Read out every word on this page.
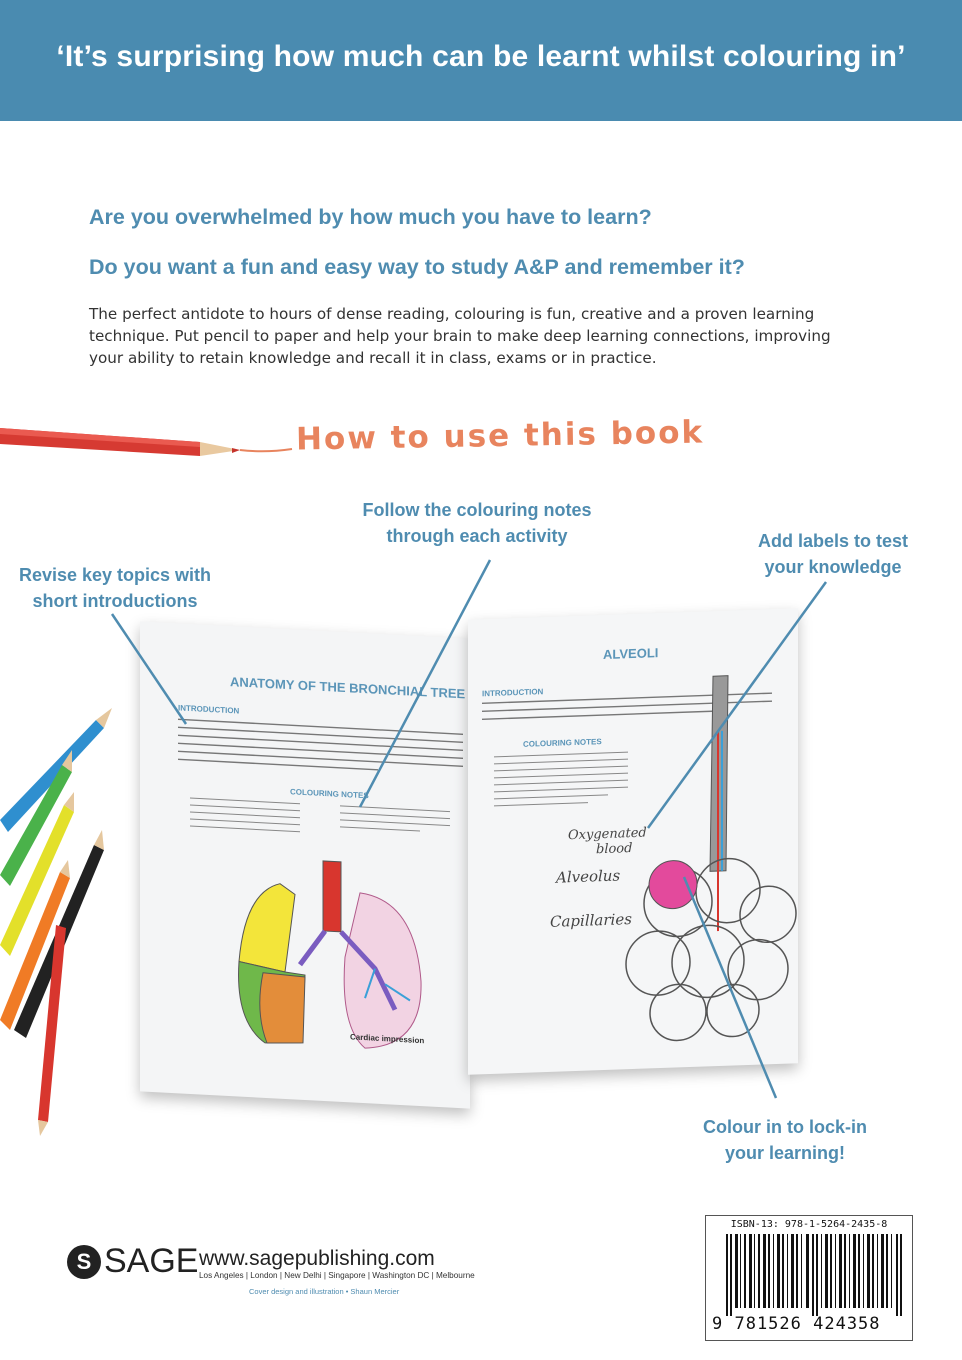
‘It’s surprising how much can be learnt whilst colouring in’
Are you overwhelmed by how much you have to learn?
Do you want a fun and easy way to study A&P and remember it?
The perfect antidote to hours of dense reading, colouring is fun, creative and a proven learning
technique. Put pencil to paper and help your brain to make deep learning connections, improving
your ability to retain knowledge and recall it in class, exams or in practice.
How to use this book
Revise key topics with
short introductions
Follow the colouring notes
through each activity	Add labels to test
your knowledge
Colour in to lock-in
your learning!
ANATOMY OF THE BRONCHIAL TREE
INTRODUCTION
COLOURING NOTES
Cardiac impression
ALVEOLI
INTRODUCTION
COLOURING NOTES
Oxygenated
blood
Alveolus
Capillaries
S SAGE www.sagepublishing.com
Los Angeles | London | New Delhi | Singapore | Washington DC | Melbourne
Cover design and illustration • Shaun Mercier
ISBN-13: 978-1-5264-2435-8
9 781526 424358
